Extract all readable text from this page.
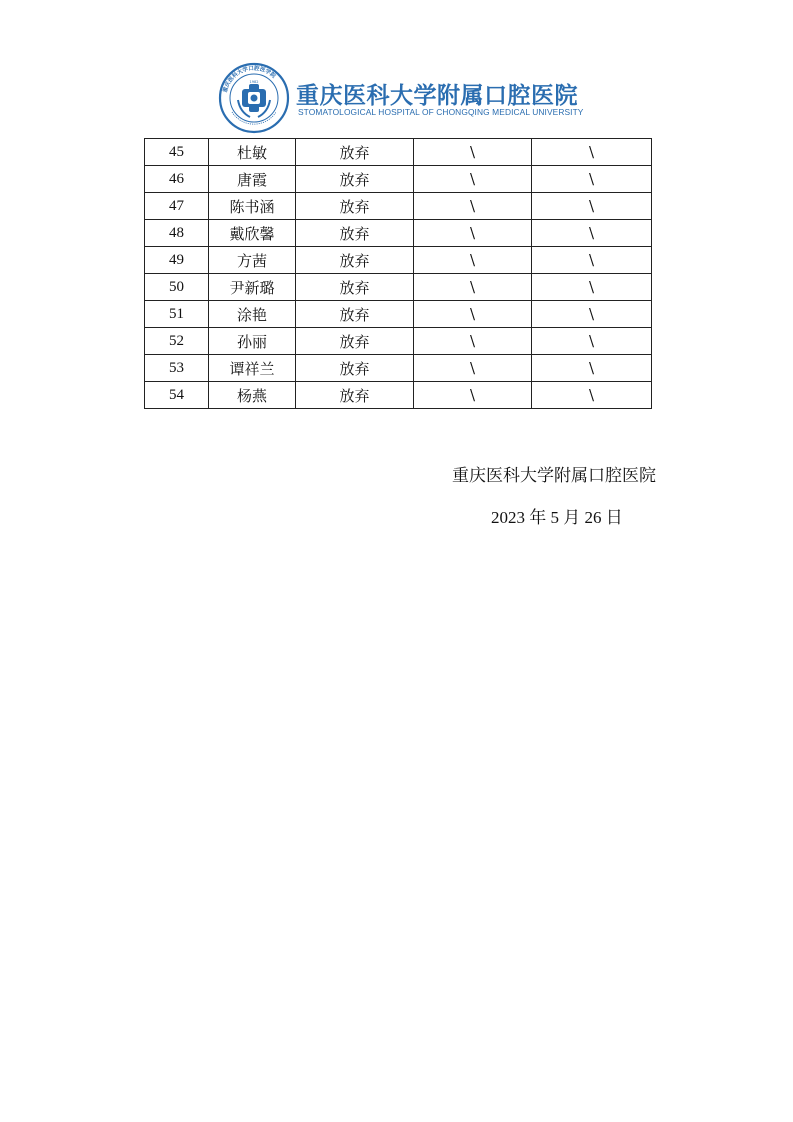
重庆医科大学口腔医学院
1982
重庆医科大学附属口腔医院
STOMATOLOGICAL HOSPITAL OF CHONGQING MEDICAL UNIVERSITY
45	杜敏	放弃	\	\
46	唐霞	放弃	\	\
47	陈书涵	放弃	\	\
48	戴欣馨	放弃	\	\
49	方茜	放弃	\	\
50	尹新璐	放弃	\	\
51	涂艳	放弃	\	\
52	孙丽	放弃	\	\
53	谭祥兰	放弃	\	\
54	杨燕	放弃	\	\
重庆医科大学附属口腔医院
2023 年 5 月 26 日
